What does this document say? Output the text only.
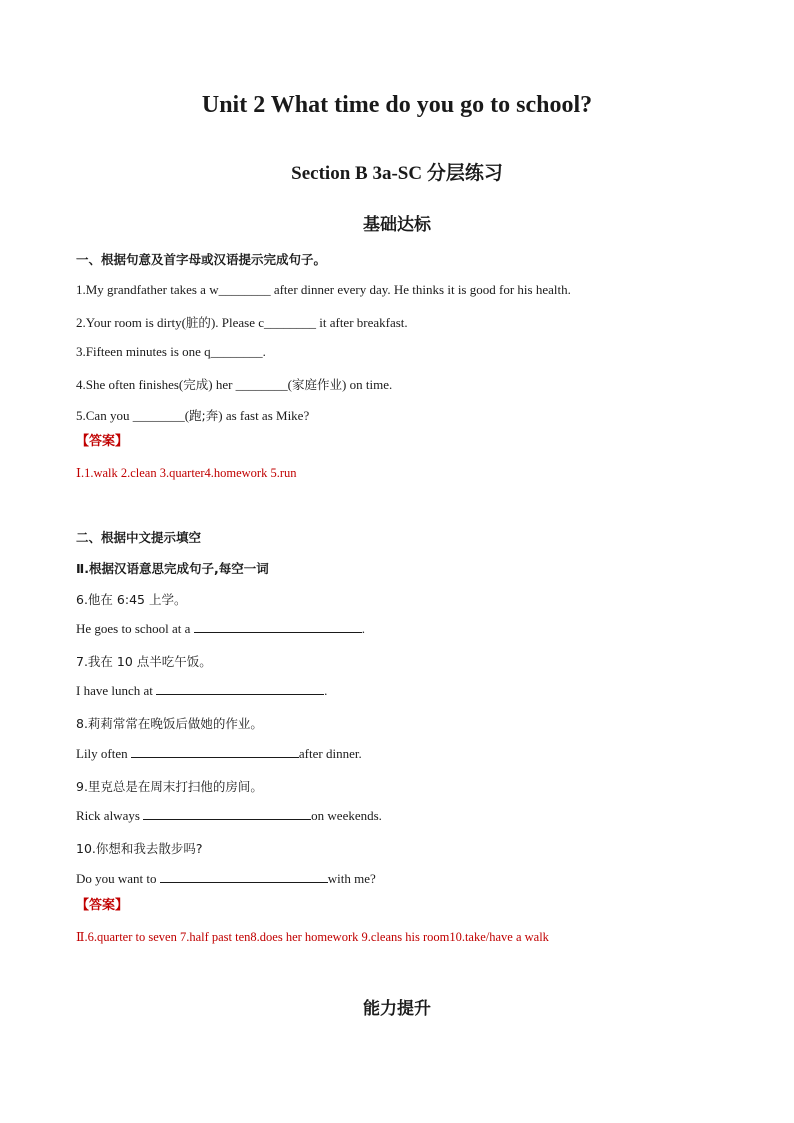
Unit 2 What time do you go to school?
Section B 3a-SC 分层练习
基础达标
一、根据句意及首字母或汉语提示完成句子。
1.My grandfather takes a w________ after dinner every day. He thinks it is good for his health.
2.Your room is dirty(脏的). Please c________ it after breakfast.
3.Fifteen minutes is one q________.
4.She often finishes(完成) her ________(家庭作业) on time.
5.Can you ________(跑;奔) as fast as Mike?
【答案】
Ⅰ.1.walk 2.clean 3.quarter4.homework 5.run
二、根据中文提示填空
Ⅱ.根据汉语意思完成句子,每空一词
6.他在 6:45 上学。
He goes to school at a	.
7.我在 10 点半吃午饭。
I have lunch at	.
8.莉莉常常在晚饭后做她的作业。
Lily often	after dinner.
9.里克总是在周末打扫他的房间。
Rick always	on weekends.
10.你想和我去散步吗?
Do you want to	with me?
【答案】
Ⅱ.6.quarter to seven 7.half past ten8.does her homework 9.cleans his room10.take/have a walk
能力提升
